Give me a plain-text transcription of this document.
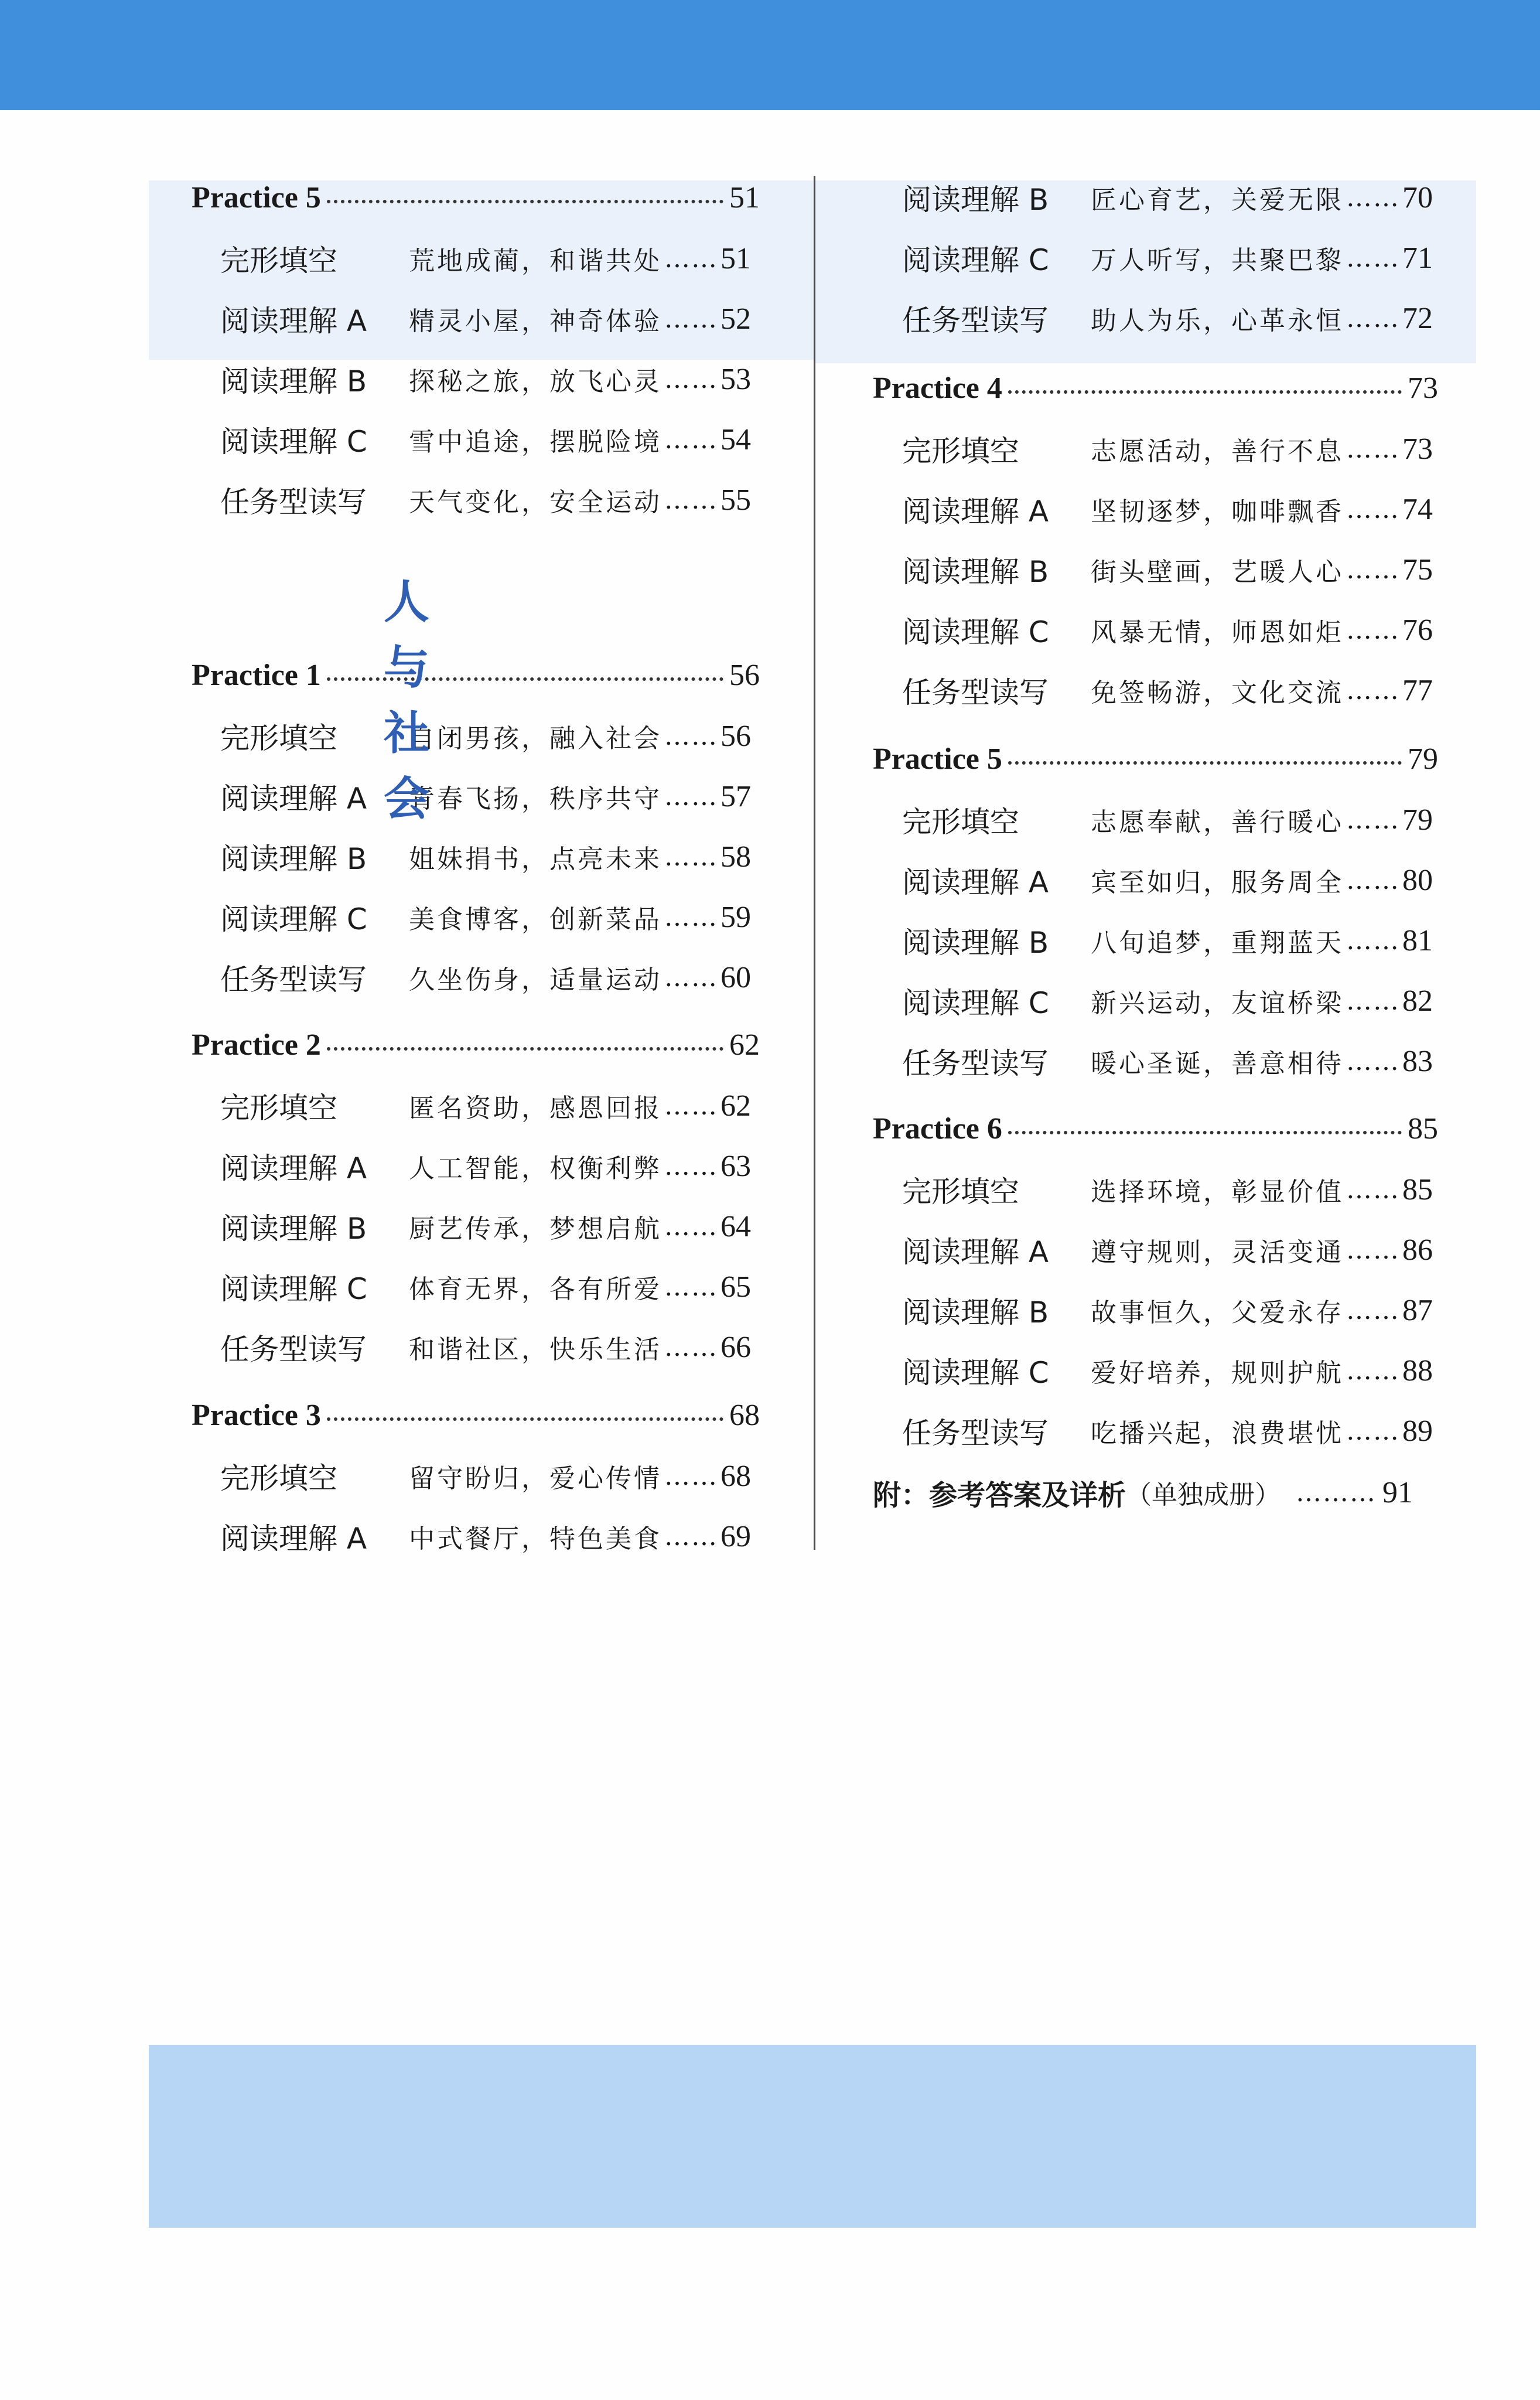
Practice 5	51
完形填空	荒地成蔺，和谐共处 …… 51
阅读理解 A	精灵小屋，神奇体验 …… 52
阅读理解 B	探秘之旅，放飞心灵 …… 53
阅读理解 C	雪中追途，摆脱险境 …… 54
任务型读写	天气变化，安全运动 …… 55
Practice 1	56
完形填空	自闭男孩，融入社会 …… 56
阅读理解 A	青春飞扬，秩序共守 …… 57
阅读理解 B	姐妹捐书，点亮未来 …… 58
阅读理解 C	美食博客，创新菜品 …… 59
任务型读写	久坐伤身，适量运动 …… 60
Practice 2	62
完形填空	匿名资助，感恩回报 …… 62
阅读理解 A	人工智能，权衡利弊 …… 63
阅读理解 B	厨艺传承，梦想启航 …… 64
阅读理解 C	体育无界，各有所爱 …… 65
任务型读写	和谐社区，快乐生活 …… 66
Practice 3	68
完形填空	留守盼归，爱心传情 …… 68
阅读理解 A	中式餐厅，特色美食 …… 69
人与社会
阅读理解 B	匠心育艺，关爱无限 …… 70
阅读理解 C	万人听写，共聚巴黎 …… 71
任务型读写	助人为乐，心革永恒 …… 72
Practice 4	73
完形填空	志愿活动，善行不息 …… 73
阅读理解 A	坚韧逐梦，咖啡飘香 …… 74
阅读理解 B	街头壁画，艺暖人心 …… 75
阅读理解 C	风暴无情，师恩如炬 …… 76
任务型读写	免签畅游，文化交流 …… 77
Practice 5	79
完形填空	志愿奉献，善行暖心 …… 79
阅读理解 A	宾至如归，服务周全 …… 80
阅读理解 B	八旬追梦，重翔蓝天 …… 81
阅读理解 C	新兴运动，友谊桥梁 …… 82
任务型读写	暖心圣诞，善意相待 …… 83
Practice 6	85
完形填空	选择环境，彰显价值 …… 85
阅读理解 A	遵守规则，灵活变通 …… 86
阅读理解 B	故事恒久，父爱永存 …… 87
阅读理解 C	爱好培养，规则护航 …… 88
任务型读写	吃播兴起，浪费堪忧 …… 89
附：参考答案及详析 （单独成册） ……… 91
